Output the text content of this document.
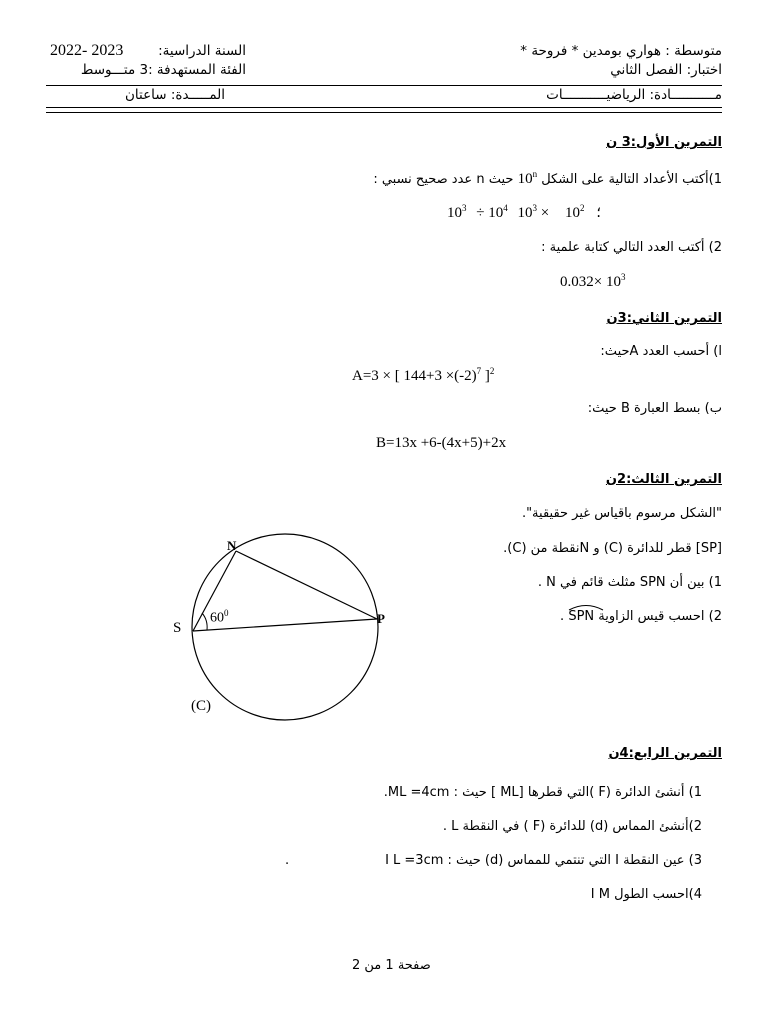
متوسطة : هواري بومدين * فروحة *
اختبار: الفصل الثاني
السنة الدراسية:
2022- 2023
الفئة المستهدفة :3 متـــوسط
مـــــــــــادة: الرياضيـــــــــــات
المـــــدة: ساعتان
التمرين الأول:3 ن
1)أكتب الأعداد التالية على الشكل 10$^n$ حيث n عدد صحيح نسبي :
$10^3 \div 10^4$	؛ $10^2 \times 10^3$
2) أكتب العدد التالي كتابة علمية :
$0.032\times 10^3$
التمرين الثاني:3ن
ا) أحسب العدد Aحيث:
A=3 × [ $144+3 \times(-2)^7$ ]$^2$
ب) بسط العبارة B حيث:
B=13x +6-(4x+5)+2x
التمرين الثالث:2ن
"الشكل مرسوم باقياس غير حقيقية".
[SP] قطر للدائرة (C) و Nنقطة من (C).
1) بين أن SPN مثلث قائم في N .
2) احسب قيس الزاوية
SPN .
N
S
P
(C)
$60^0$
التمرين الرابع:4ن
1) أنشئ الدائرة (F )التي قطرها [ML ] حيث : ML =4cm.
2)أنشئ المماس (d) للدائرة (F ) في النقطة L .
3) عين النقطة I التي تنتمي للمماس (d) حيث : I L =3cm
.
4)احسب الطول I M
صفحة 1 من 2
